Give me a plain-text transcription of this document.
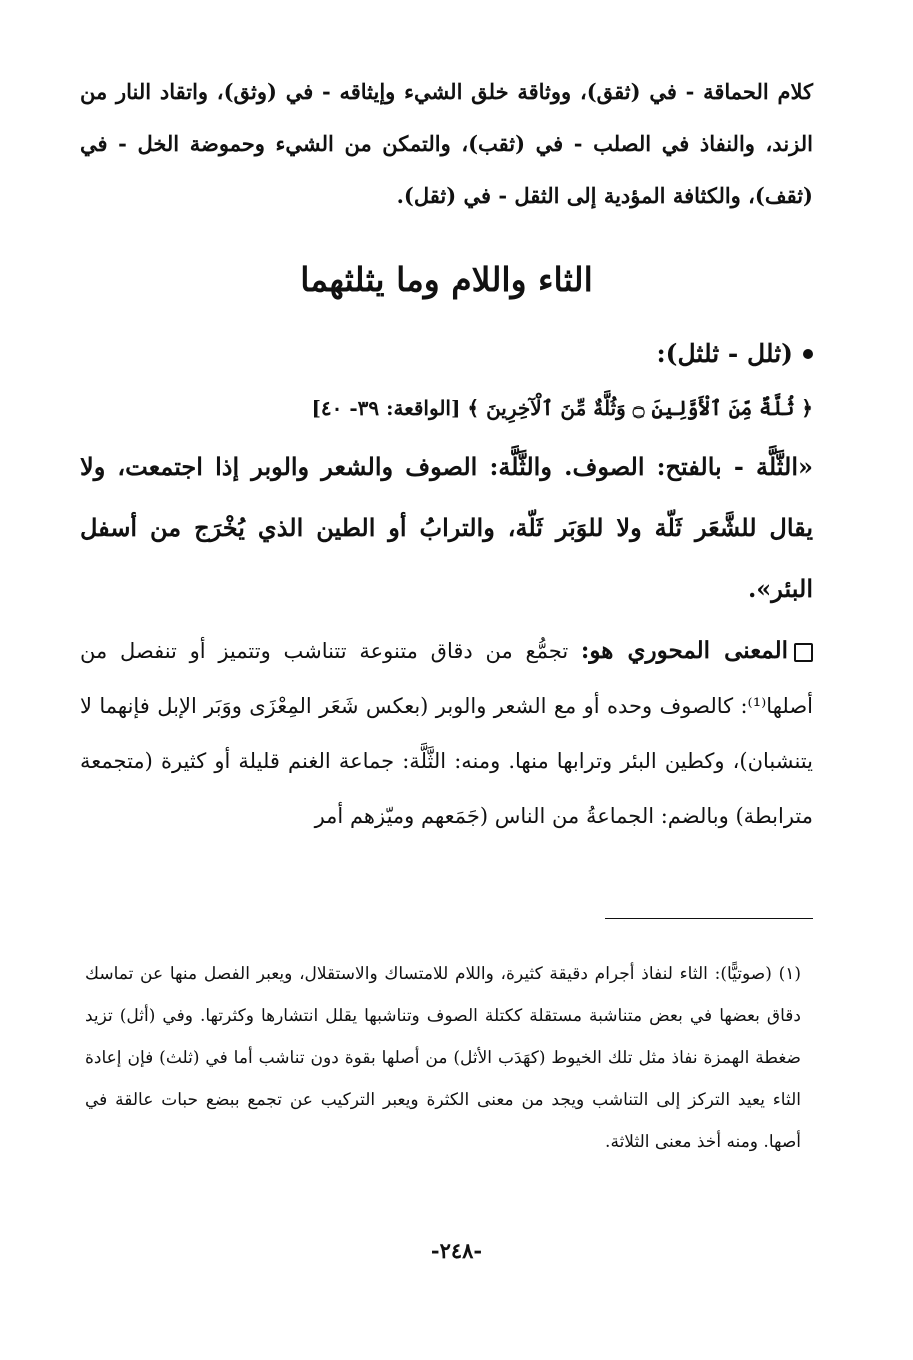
كلام الحماقة - في (ثقق)، ووثاقة خلق الشيء وإيثاقه - في (وثق)، واتقاد النار من الزند، والنفاذ في الصلب - في (ثقب)، والتمكن من الشيء وحموضة الخل - في (ثقف)، والكثافة المؤدية إلى الثقل - في (ثقل).

الثاء واللام وما يثلثهما
(ثلل - ثلثل):
﴿ ثُلَّةٌ مِّنَ ٱلْأَوَّلِينَ ۝ وَثُلَّةٌ مِّنَ ٱلْآخِرِينَ ﴾ [الواقعة: ٣٩- ٤٠]

«الثَّلَّة - بالفتح: الصوف. والثَّلَّة: الصوف والشعر والوبر إذا اجتمعت، ولا يقال للشَّعَر ثَلّة ولا للوَبَر ثَلّة، والترابُ أو الطين الذي يُخْرَج من أسفل البئر».

المعنى المحوري هو: تجمُّع من دقاق متنوعة تتناشب وتتميز أو تنفصل من أصلها⁽¹⁾: كالصوف وحده أو مع الشعر والوبر (بعكس شَعَر المِعْزَى ووَبَر الإبل فإنهما لا يتنشبان)، وكطين البئر وترابها منها. ومنه: الثَّلَّة: جماعة الغنم قليلة أو كثيرة (متجمعة مترابطة) وبالضم: الجماعةُ من الناس (جَمَعهم وميّزهم أمر

(١) (صوتيًّا): الثاء لنفاذ أجرام دقيقة كثيرة، واللام للامتساك والاستقلال، ويعبر الفصل منها عن تماسك دقاق بعضها في بعض متناشبة مستقلة ككتلة الصوف وتناشبها يقلل انتشارها وكثرتها. وفي (أثل) تزيد ضغطة الهمزة نفاذ مثل تلك الخيوط (كهَدَب الأثل) من أصلها بقوة دون تناشب أما في (ثلث) فإن إعادة الثاء يعيد التركز إلى التناشب ويجد من معنى الكثرة ويعبر التركيب عن تجمع ببضع حبات عالقة في أصها. ومنه أخذ معنى الثلاثة.

-٢٤٨-
